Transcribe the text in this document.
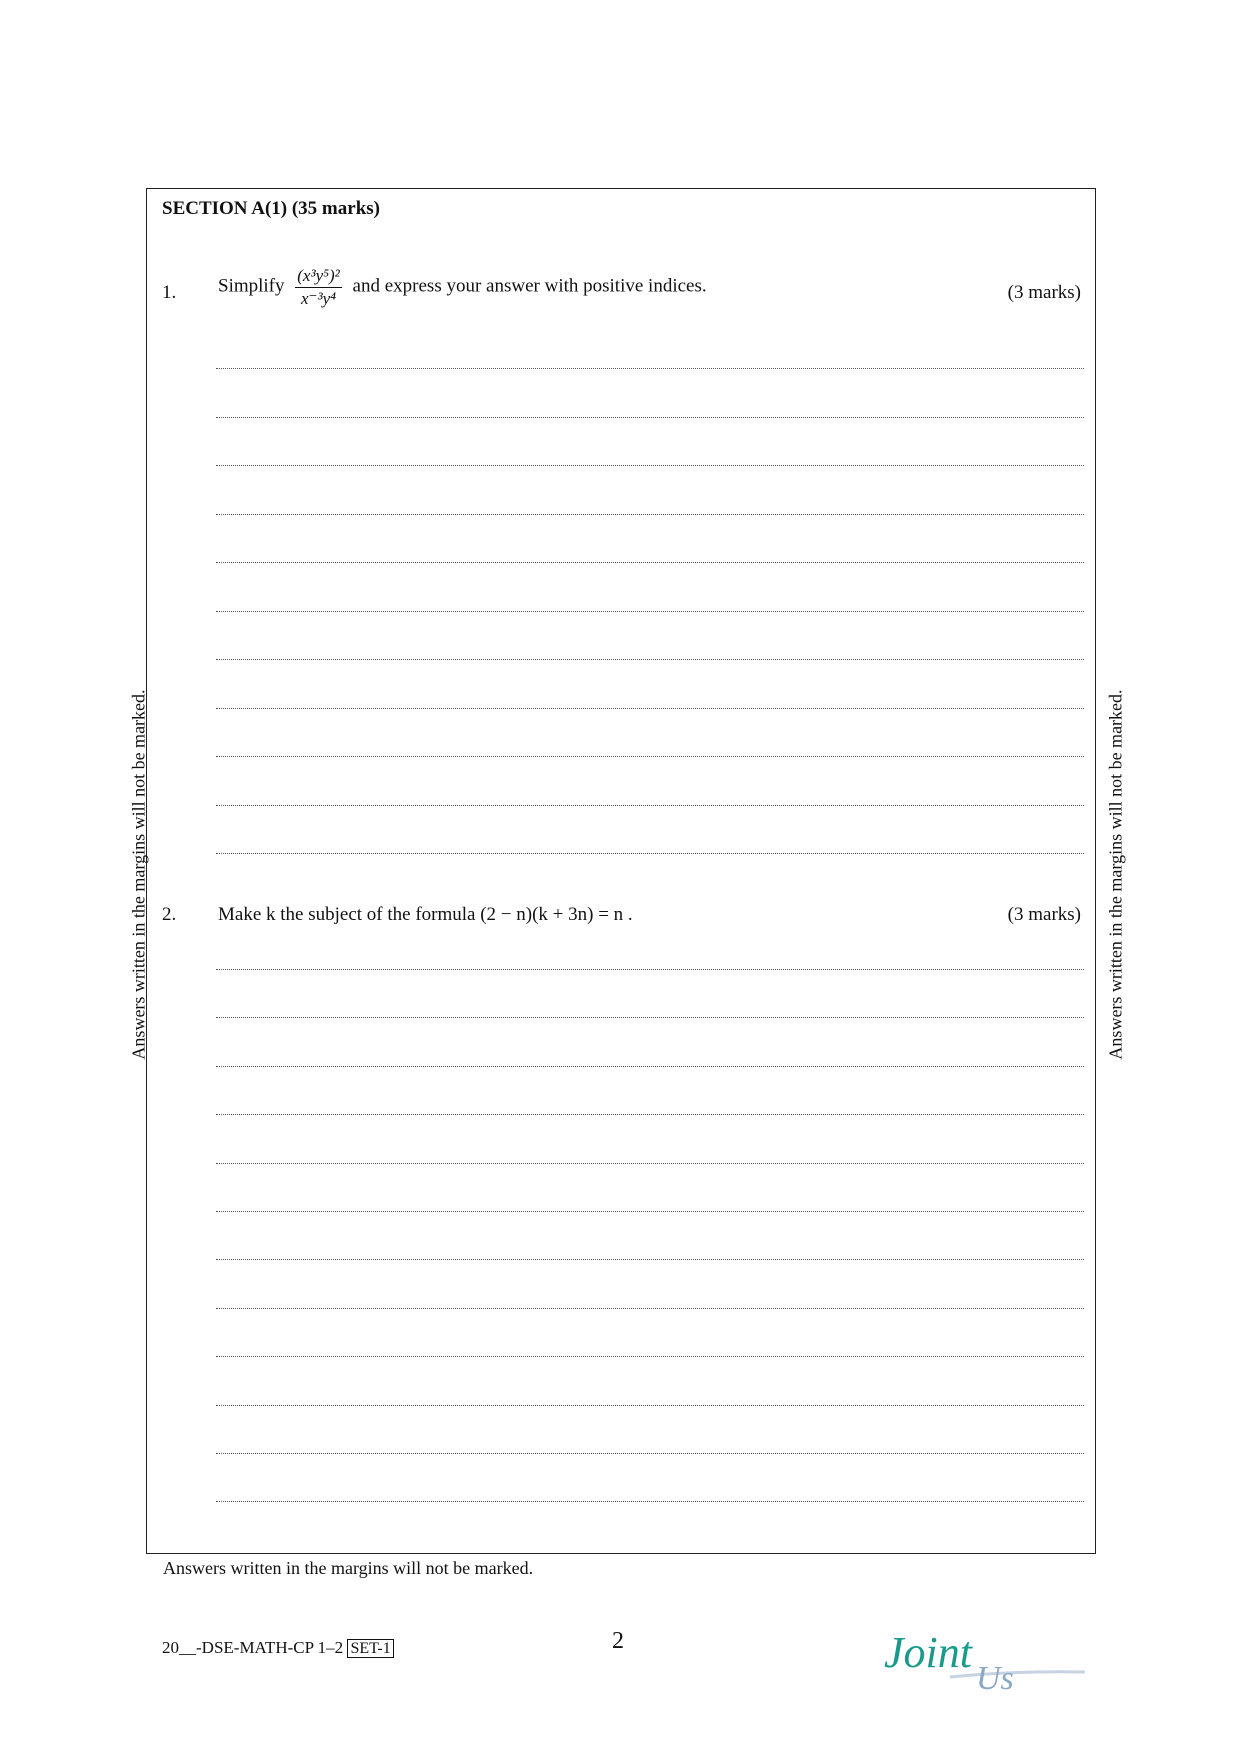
SECTION A(1) (35 marks)
1. Simplify $\frac{\text{(x³y⁵)²}}{\text{x⁻³y⁴}}$ and express your answer with positive indices.	(3 marks)
2. Make k the subject of the formula (2 − n)(k + 3n) = n .	(3 marks)
Answers written in the margins will not be marked.	Answers written in the margins will not be marked.
Answers written in the margins will not be marked.
20__-DSE-MATH-CP 1–2 SET-1	2	Joint
Us
